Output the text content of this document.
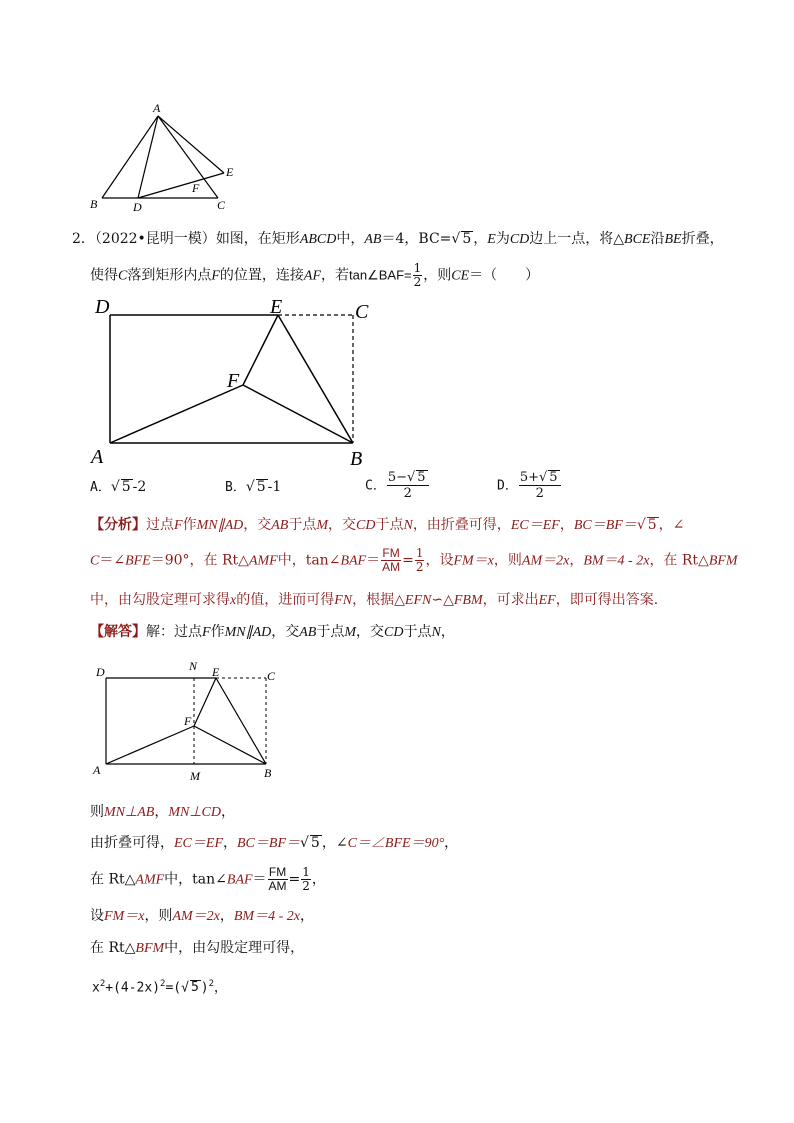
A
B	D
F
C
E
2．（2022•昆明一模）如图，在矩形ABCD中，AB＝4，BC=√ 5 ，E为CD边上一点，将△BCE沿BE折叠，
使得C落到矩形内点F的位置，连接AF，若tan∠BAF= $\frac{1}{2}$ ，则CE＝（　　）
D	E	C
F
A	B
A．√ 5 -2	B．√ 5 -1	C． $\frac{5-√ 5}{2}$	D． $\frac{5+√ 5}{2}$
【分析】过点F作MN∥AD，交AB于点M，交CD于点N，由折叠可得，EC＝EF，BC＝BF＝√ 5 ，∠
C＝∠BFE＝90°，在 Rt△AMF中，tan∠BAF＝ $\frac{FM}{AM} = \frac{1}{2}$ ，设FM＝x，则AM＝2x，BM＝4 - 2x，在 Rt△BFM
中，由勾股定理可求得x的值，进而可得FN，根据△EFN∽△FBM，可求出EF，即可得出答案．
【解答】解：过点F作MN∥AD，交AB于点M，交CD于点N，
D	N E	C
F
A	M	B
则MN⊥AB，MN⊥CD，
由折叠可得，EC＝EF，BC＝BF＝√ 5 ，∠C＝∠BFE＝90°，
在 Rt△AMF中，tan∠BAF＝ $\frac{FM}{AM} = \frac{1}{2}$ ，
设FM＝x，则AM＝2x，BM＝4 - 2x，
在 Rt△BFM中，由勾股定理可得，
$x^2+(4-2x)^2=(√$ 5 )$^2$，
